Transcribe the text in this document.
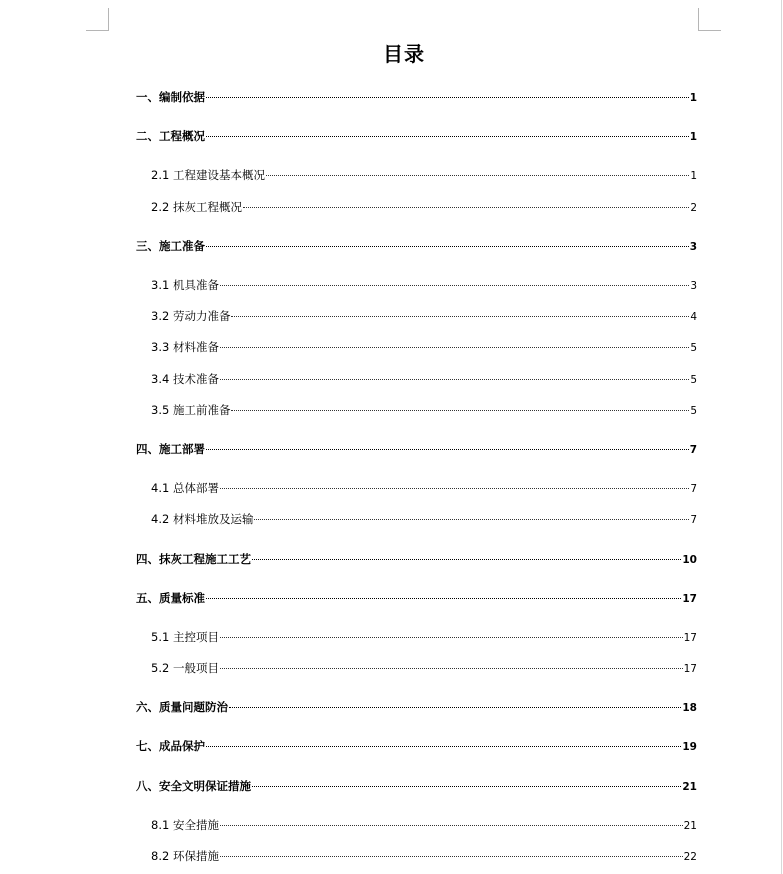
目录
一、编制依据	1
二、工程概况	1
2.1 工程建设基本概况	1
2.2 抹灰工程概况	2
三、施工准备	3
3.1 机具准备	3
3.2 劳动力准备	4
3.3 材料准备	5
3.4 技术准备	5
3.5 施工前准备	5
四、施工部署	7
4.1 总体部署	7
4.2 材料堆放及运输	7
四、抹灰工程施工工艺	10
五、质量标准	17
5.1 主控项目	17
5.2 一般项目	17
六、质量问题防治	18
七、成品保护	19
八、安全文明保证措施	21
8.1 安全措施	21
8.2 环保措施	22
